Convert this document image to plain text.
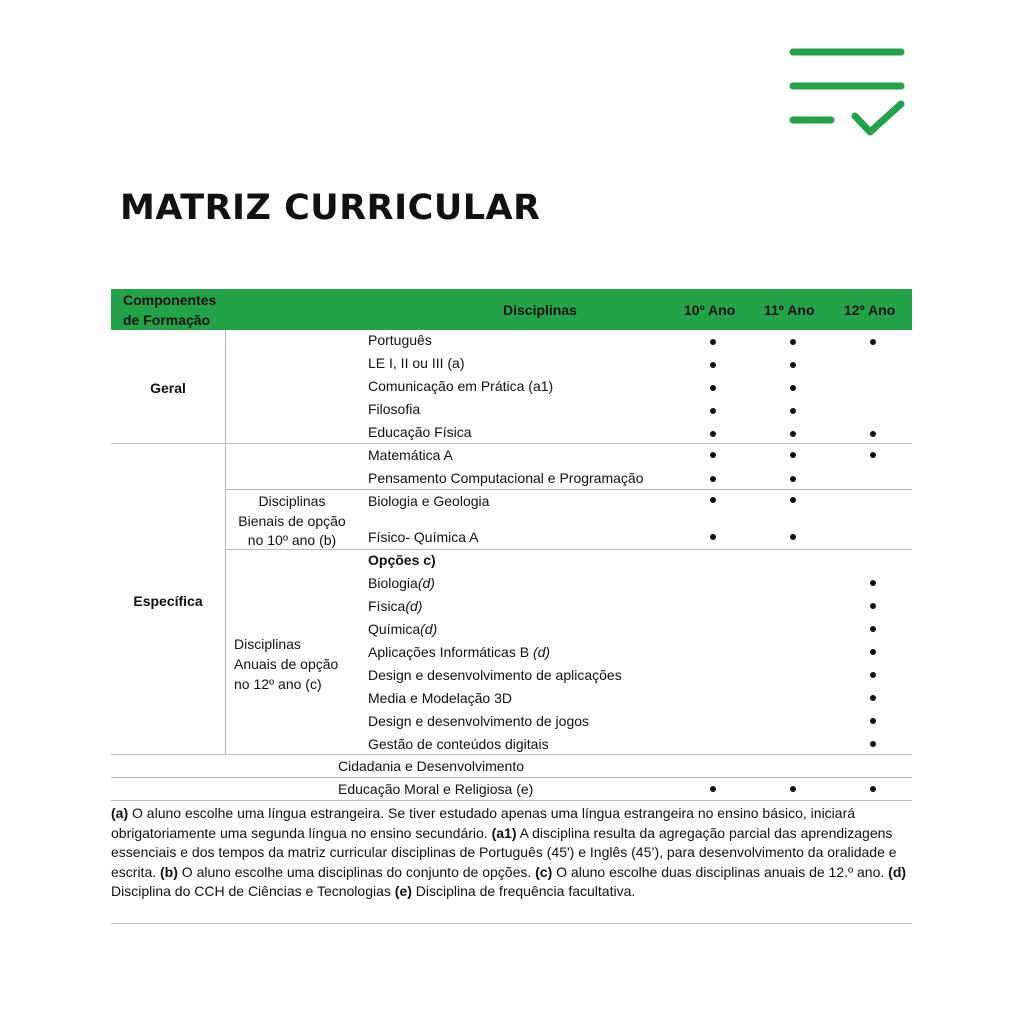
MATRIZ CURRICULAR
Componentes
de Formação
Disciplinas	10º Ano 11º Ano 12º Ano
Geral
Específica
Português
LE I, II ou III (a)
Comunicação em Prática (a1)
Filosofia
Educação Física
Matemática A
Pensamento Computacional e Programação
Disciplinas
Bienais de opção
no 10º ano (b)
Biologia e Geologia
Físico- Química A
Disciplinas
Anuais de opção
no 12º ano (c)
Opções c)
Biologia(d)
Física(d)
Química(d)
Aplicações Informáticas B (d)
Design e desenvolvimento de aplicações
Media e Modelação 3D
Design e desenvolvimento de jogos
Gestão de conteúdos digitais
Cidadania e Desenvolvimento
Educação Moral e Religiosa (e)
(a) O aluno escolhe uma língua estrangeira. Se tiver estudado apenas uma língua estrangeira no ensino básico, iniciará obrigatoriamente uma segunda língua no ensino secundário. (a1) A disciplina resulta da agregação parcial das aprendizagens essenciais e dos tempos da matriz curricular disciplinas de Português (45') e Inglês (45’), para desenvolvimento da oralidade e escrita. (b) O aluno escolhe uma disciplinas do conjunto de opções. (c) O aluno escolhe duas disciplinas anuais de 12.º ano. (d) Disciplina do CCH de Ciências e Tecnologias (e) Disciplina de frequência facultativa.
